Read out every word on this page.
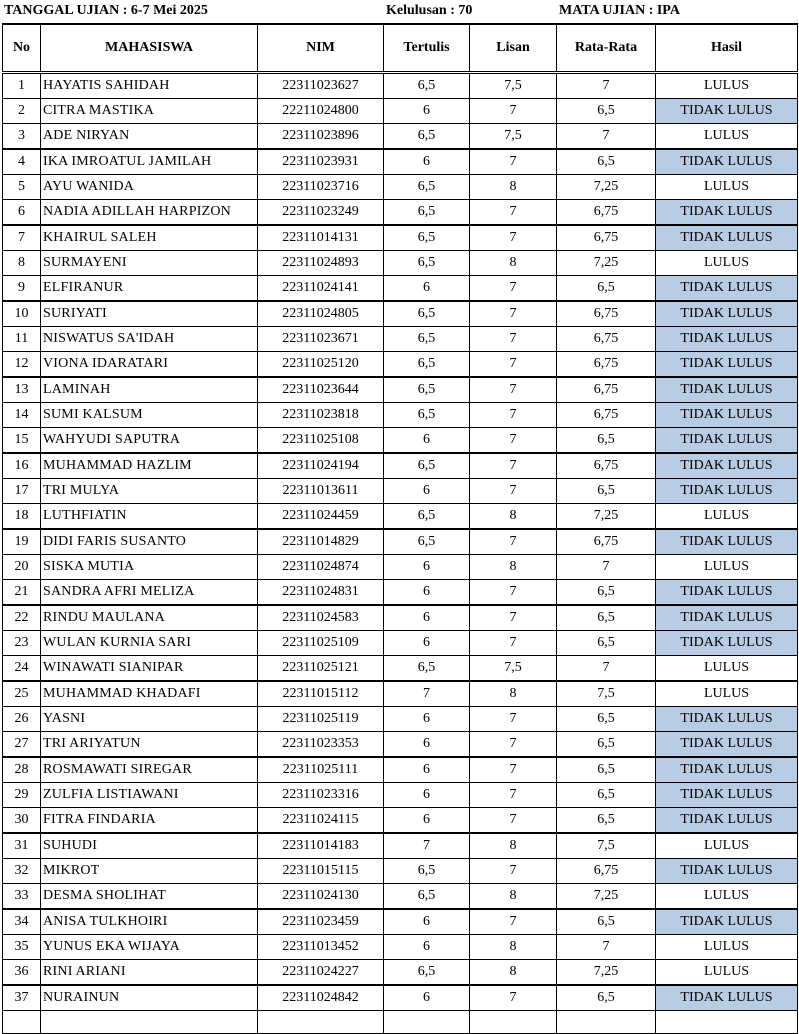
TANGGAL UJIAN : 6-7 Mei 2025	Kelulusan : 70	MATA UJIAN : IPA
No	MAHASISWA	NIM	Tertulis	Lisan	Rata-Rata	Hasil
1	HAYATIS SAHIDAH	22311023627	6,5	7,5	7	LULUS
2	CITRA MASTIKA	22211024800	6	7	6,5	TIDAK LULUS
3	ADE NIRYAN	22311023896	6,5	7,5	7	LULUS
4	IKA IMROATUL JAMILAH	22311023931	6	7	6,5	TIDAK LULUS
5	AYU WANIDA	22311023716	6,5	8	7,25	LULUS
6	NADIA ADILLAH HARPIZON	22311023249	6,5	7	6,75	TIDAK LULUS
7	KHAIRUL SALEH	22311014131	6,5	7	6,75	TIDAK LULUS
8	SURMAYENI	22311024893	6,5	8	7,25	LULUS
9	ELFIRANUR	22311024141	6	7	6,5	TIDAK LULUS
10	SURIYATI	22311024805	6,5	7	6,75	TIDAK LULUS
11	NISWATUS SA'IDAH	22311023671	6,5	7	6,75	TIDAK LULUS
12	VIONA IDARATARI	22311025120	6,5	7	6,75	TIDAK LULUS
13	LAMINAH	22311023644	6,5	7	6,75	TIDAK LULUS
14	SUMI KALSUM	22311023818	6,5	7	6,75	TIDAK LULUS
15	WAHYUDI SAPUTRA	22311025108	6	7	6,5	TIDAK LULUS
16	MUHAMMAD HAZLIM	22311024194	6,5	7	6,75	TIDAK LULUS
17	TRI MULYA	22311013611	6	7	6,5	TIDAK LULUS
18	LUTHFIATIN	22311024459	6,5	8	7,25	LULUS
19	DIDI FARIS SUSANTO	22311014829	6,5	7	6,75	TIDAK LULUS
20	SISKA MUTIA	22311024874	6	8	7	LULUS
21	SANDRA AFRI MELIZA	22311024831	6	7	6,5	TIDAK LULUS
22	RINDU MAULANA	22311024583	6	7	6,5	TIDAK LULUS
23	WULAN KURNIA SARI	22311025109	6	7	6,5	TIDAK LULUS
24	WINAWATI SIANIPAR	22311025121	6,5	7,5	7	LULUS
25	MUHAMMAD KHADAFI	22311015112	7	8	7,5	LULUS
26	YASNI	22311025119	6	7	6,5	TIDAK LULUS
27	TRI ARIYATUN	22311023353	6	7	6,5	TIDAK LULUS
28	ROSMAWATI SIREGAR	22311025111	6	7	6,5	TIDAK LULUS
29	ZULFIA LISTIAWANI	22311023316	6	7	6,5	TIDAK LULUS
30	FITRA FINDARIA	22311024115	6	7	6,5	TIDAK LULUS
31	SUHUDI	22311014183	7	8	7,5	LULUS
32	MIKROT	22311015115	6,5	7	6,75	TIDAK LULUS
33	DESMA SHOLIHAT	22311024130	6,5	8	7,25	LULUS
34	ANISA TULKHOIRI	22311023459	6	7	6,5	TIDAK LULUS
35	YUNUS EKA WIJAYA	22311013452	6	8	7	LULUS
36	RINI ARIANI	22311024227	6,5	8	7,25	LULUS
37	NURAINUN	22311024842	6	7	6,5	TIDAK LULUS
